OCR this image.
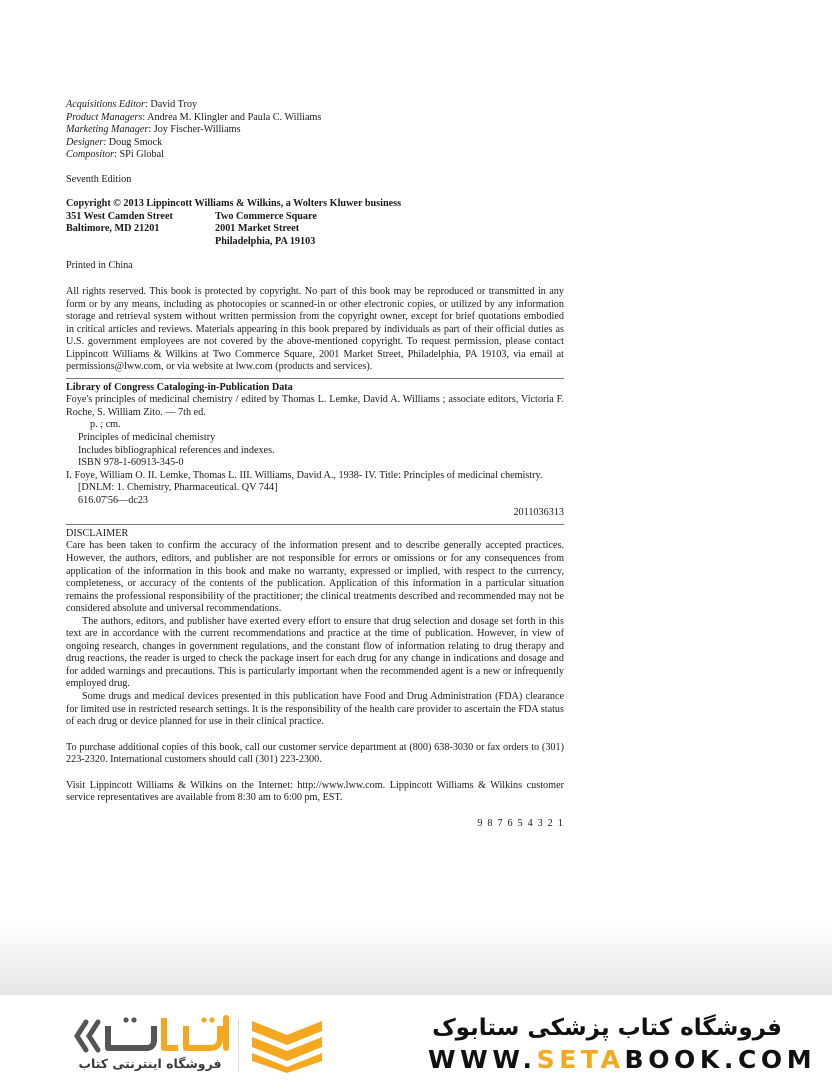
Acquisitions Editor: David Troy
Product Managers: Andrea M. Klingler and Paula C. Williams
Marketing Manager: Joy Fischer-Williams
Designer: Doug Smock
Compositor: SPi Global
Seventh Edition
Copyright © 2013 Lippincott Williams & Wilkins, a Wolters Kluwer business
351 West Camden Street
Baltimore, MD 21201
Two Commerce Square
2001 Market Street
Philadelphia, PA 19103
Printed in China
All rights reserved. This book is protected by copyright. No part of this book may be reproduced or transmitted in any form or by any means, including as photocopies or scanned-in or other electronic copies, or utilized by any information storage and retrieval system without written permission from the copyright owner, except for brief quotations embodied in critical articles and reviews. Materials appearing in this book prepared by individuals as part of their official duties as U.S. government employees are not covered by the above-mentioned copyright. To request permission, please contact Lippincott Williams & Wilkins at Two Commerce Square, 2001 Market Street, Philadelphia, PA 19103, via email at permissions@lww.com, or via website at lww.com (products and services).
Library of Congress Cataloging-in-Publication Data
Foye's principles of medicinal chemistry / edited by Thomas L. Lemke, David A. Williams ; associate editors, Victoria F. Roche, S. William Zito. — 7th ed.
p. ; cm.
Principles of medicinal chemistry
Includes bibliographical references and indexes.
ISBN 978-1-60913-345-0
I. Foye, William O. II. Lemke, Thomas L. III. Williams, David A., 1938- IV. Title: Principles of medicinal chemistry.
[DNLM: 1. Chemistry, Pharmaceutical. QV 744]
616.07'56—dc23
2011036313
DISCLAIMER
Care has been taken to confirm the accuracy of the information present and to describe generally accepted practices. However, the authors, editors, and publisher are not responsible for errors or omissions or for any consequences from application of the information in this book and make no warranty, expressed or implied, with respect to the currency, completeness, or accuracy of the contents of the publication. Application of this information in a particular situation remains the professional responsibility of the practitioner; the clinical treatments described and recommended may not be considered absolute and universal recommendations.
The authors, editors, and publisher have exerted every effort to ensure that drug selection and dosage set forth in this text are in accordance with the current recommendations and practice at the time of publication. However, in view of ongoing research, changes in government regulations, and the constant flow of information relating to drug therapy and drug reactions, the reader is urged to check the package insert for each drug for any change in indications and dosage and for added warnings and precautions. This is particularly important when the recommended agent is a new or infrequently employed drug.
Some drugs and medical devices presented in this publication have Food and Drug Administration (FDA) clearance for limited use in restricted research settings. It is the responsibility of the health care provider to ascertain the FDA status of each drug or device planned for use in their clinical practice.
To purchase additional copies of this book, call our customer service department at (800) 638-3030 or fax orders to (301) 223-2320. International customers should call (301) 223-2300.
Visit Lippincott Williams & Wilkins on the Internet: http://www.lww.com. Lippincott Williams & Wilkins customer service representatives are available from 8:30 am to 6:00 pm, EST.
9 8 7 6 5 4 3 2 1
فروشگاه اینترنتی کتاب
فروشگاه کتاب پزشکی ستابوک
WWW.SETABOOK.COM
